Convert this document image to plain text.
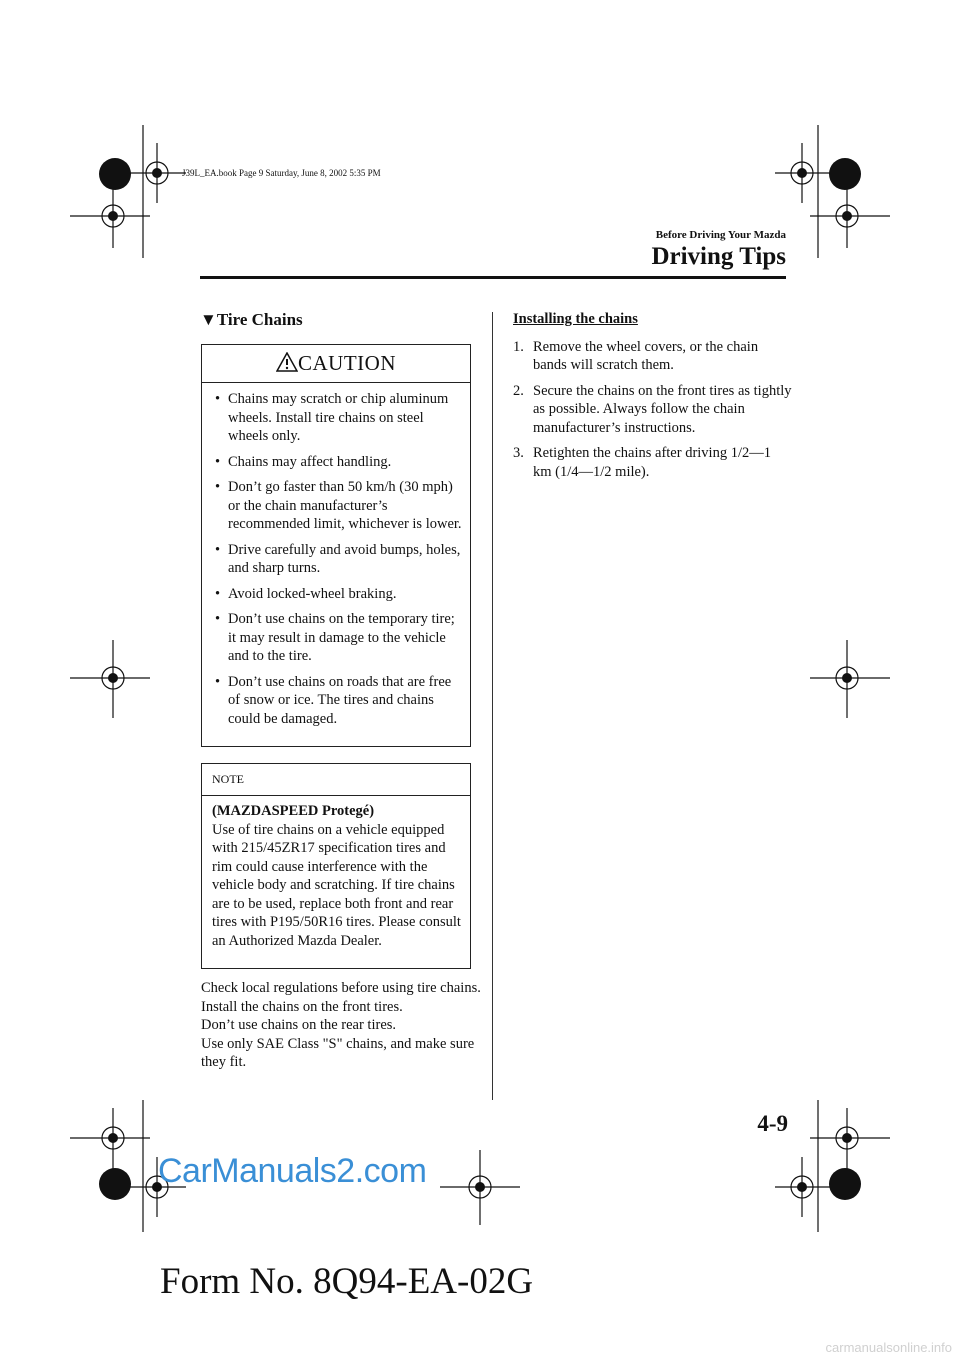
J39L_EA.book Page 9 Saturday, June 8, 2002 5:35 PM
Before Driving Your Mazda
Driving Tips
▼Tire Chains
CAUTION
• Chains may scratch or chip aluminum wheels. Install tire chains on steel wheels only.
• Chains may affect handling.
• Don’t go faster than 50 km/h (30 mph) or the chain manufacturer’s recommended limit, whichever is lower.
• Drive carefully and avoid bumps, holes, and sharp turns.
• Avoid locked-wheel braking.
• Don’t use chains on the temporary tire; it may result in damage to the vehicle and to the tire.
• Don’t use chains on roads that are free of snow or ice. The tires and chains could be damaged.
NOTE
(MAZDASPEED Protegé)
Use of tire chains on a vehicle equipped with 215/45ZR17 specification tires and rim could cause interference with the vehicle body and scratching. If tire chains are to be used, replace both front and rear tires with P195/50R16 tires. Please consult an Authorized Mazda Dealer.

Check local regulations before using tire chains.

Install the chains on the front tires.

Don’t use chains on the rear tires.

Use only SAE Class "S" chains, and make sure they fit.

Installing the chains
1. Remove the wheel covers, or the chain bands will scratch them.
2. Secure the chains on the front tires as tightly as possible. Always follow the chain manufacturer’s instructions.
3. Retighten the chains after driving 1/2—1 km (1/4—1/2 mile).
4-9
CarManuals2.com
Form No. 8Q94-EA-02G
carmanualsonline.info
